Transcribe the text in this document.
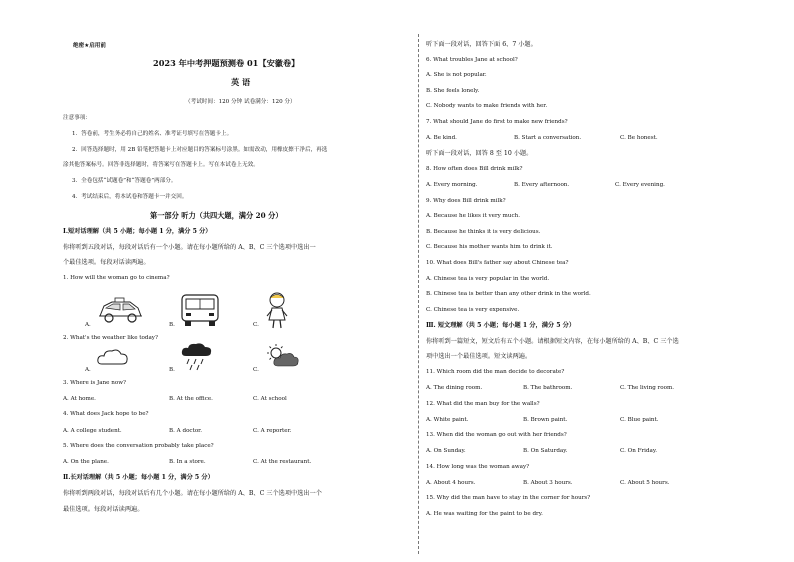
绝密★启用前
2023 年中考押题预测卷 01【安徽卷】
英 语
（考试时间：120 分钟 试卷满分：120 分）
注意事项：
1．答卷前，考生务必将自己的姓名、准考证号填写在答题卡上。
2．回答选择题时，用 2B 铅笔把答题卡上对应题目的答案标号涂黑。如需改动，用橡皮擦干净后，再选
涂其他答案标号。回答非选择题时，将答案写在答题卡上。写在本试卷上无效。
3．全卷包括“试题卷”和“答题卷”两部分。
4．考试结束后，将本试卷和答题卡一并交回。
第一部分 听力（共四大题，满分 20 分）
Ⅰ.短对话理解（共 5 小题；每小题 1 分，满分 5 分）
你将听到五段对话，每段对话后有一个小题。请在每小题所给的 A、B、C 三个选项中选出一
个最佳选项。每段对话读两遍。
1. How will the woman go to cinema?
A.	B.	C.
2. What's the weather like today?
A.	B.	C.
3. Where is Jane now?
A. At home.	B. At the office.	C. At school
4. What does Jack hope to be?
A. A college student.	B. A doctor.	C. A reporter.
5. Where does the conversation probably take place?
A. On the plane.	B. In a store.	C. At the restaurant.
Ⅱ.长对话理解（共 5 小题；每小题 1 分，满分 5 分）
你将听到两段对话，每段对话后有几个小题。请在每小题所给的 A、B、C 三个选项中选出一个
最佳选项。每段对话读两遍。
听下面一段对话，回答下面 6、7 小题。
6. What troubles Jane at school?
A. She is not popular.
B. She feels lonely.
C. Nobody wants to make friends with her.
7. What should Jane do first to make new friends?
A. Be kind.	B. Start a conversation.	C. Be honest.
听下面一段对话，回答 8 至 10 小题。
8. How often does Bill drink milk?
A. Every morning.	B. Every afternoon.	C. Every evening.
9. Why does Bill drink milk?
A. Because he likes it very much.
B. Because he thinks it is very delicious.
C. Because his mother wants him to drink it.
10. What does Bill's father say about Chinese tea?
A. Chinese tea is very popular in the world.
B. Chinese tea is better than any other drink in the world.
C. Chinese tea is very expensive.
Ⅲ. 短文理解（共 5 小题；每小题 1 分，满分 5 分）
你将听到一篇短文，短文后有五个小题。请根据短文内容，在每小题所给的 A、B、C 三个选
项中选出一个最佳选项。短文读两遍。
11. Which room did the man decide to decorate?
A. The dining room.	B. The bathroom.	C. The living room.
12. What did the man buy for the walls?
A. White paint.	B. Brown paint.	C. Blue paint.
13. When did the woman go out with her friends?
A. On Sunday.	B. On Saturday.	C. On Friday.
14. How long was the woman away?
A. About 4 hours.	B. About 3 hours.	C. About 5 hours.
15. Why did the man have to stay in the corner for hours?
A. He was waiting for the paint to be dry.
